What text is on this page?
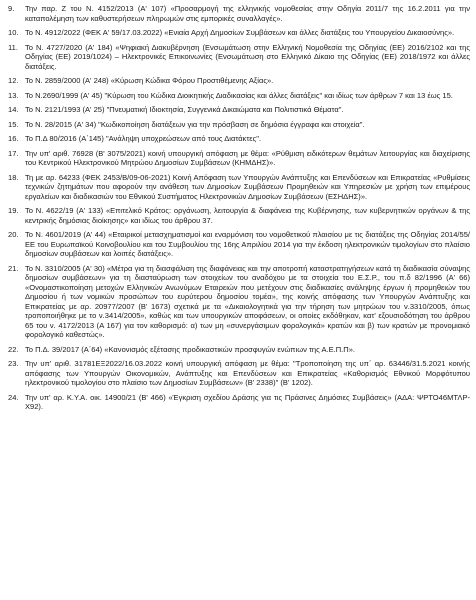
9.	Την παρ. Ζ του Ν. 4152/2013 (Α' 107) «Προσαρμογή της ελληνικής νομοθεσίας στην Οδηγία 2011/7 της 16.2.2011 για την καταπολέμηση των καθυστερήσεων πληρωμών στις εμπορικές συναλλαγές».
10. Το Ν. 4912/2022 (ΦΕΚ Α' 59/17.03.2022) «Ενιαία Αρχή Δημοσίων Συμβάσεων και άλλες διατάξεις του Υπουργείου Δικαιοσύνης».
11. Το Ν. 4727/2020 (Α' 184) «Ψηφιακή Διακυβέρνηση (Ενσωμάτωση στην Ελληνική Νομοθεσία της Οδηγίας (ΕΕ) 2016/2102 και της Οδηγίας (ΕΕ) 2019/1024) – Ηλεκτρονικές Επικοινωνίες (Ενσωμάτωση στο Ελληνικό Δίκαιο της Οδηγίας (ΕΕ) 2018/1972 και άλλες διατάξεις.
12. Το Ν. 2859/2000 (Α' 248) «Κύρωση Κώδικα Φόρου Προστιθέμενης Αξίας».
13. Το Ν.2690/1999 (Α' 45) "Κύρωση του Κώδικα Διοικητικής Διαδικασίας και άλλες διατάξεις" και ιδίως των άρθρων 7 και 13 έως 15.
14. Το Ν. 2121/1993 (Α' 25) "Πνευματική Ιδιοκτησία, Συγγενικά Δικαιώματα και Πολιτιστικά Θέματα".
15. Το Ν. 28/2015 (Α' 34) "Κωδικοποίηση διατάξεων για την πρόσβαση σε δημόσια έγγραφα και στοιχεία".
16. Το Π.Δ 80/2016 (Α΄145) "Ανάληψη υποχρεώσεων από τους Διατάκτες".
17. Την υπ' αριθ. 76928 (Β' 3075/2021) κοινή υπουργική απόφαση με θέμα: «Ρύθμιση ειδικότερων θεμάτων λειτουργίας και διαχείρισης του Κεντρικού Ηλεκτρονικού Μητρώου Δημοσίων Συμβάσεων (ΚΗΜΔΗΣ)».
18. Τη με αρ. 64233 (ΦΕΚ 2453/Β/09-06-2021) Κοινή Απόφαση των Υπουργών Ανάπτυξης και Επενδύσεων και Επικρατείας «Ρυθμίσεις τεχνικών ζητημάτων που αφορούν την ανάθεση των Δημοσίων Συμβάσεων Προμηθειών και Υπηρεσιών με χρήση των επιμέρους εργαλείων και διαδικασιών του Εθνικού Συστήματος Ηλεκτρονικών Δημοσίων Συμβάσεων (ΕΣΗΔΗΣ)».
19. Το Ν. 4622/19 (Α' 133) «Επιτελικό Κράτος: οργάνωση, λειτουργία & διαφάνεια της Κυβέρνησης, των κυβερνητικών οργάνων & της κεντρικής δημόσιας διοίκησης» και ιδίως του άρθρου 37.
20. Το Ν. 4601/2019 (Α' 44) «Εταιρικοί μετασχηματισμοί και εναρμόνιση του νομοθετικού πλαισίου με τις διατάξεις της Οδηγίας 2014/55/ΕΕ του Ευρωπαϊκού Κοινοβουλίου και του Συμβουλίου της 16ης Απριλίου 2014 για την έκδοση ηλεκτρονικών τιμολογίων στο πλαίσιο δημοσίων συμβάσεων και λοιπές διατάξεις».
21. Το Ν. 3310/2005 (Α' 30) «Μέτρα για τη διασφάλιση της διαφάνειας και την αποτροπή καταστρατηγήσεων κατά τη διαδικασία σύναψης δημοσίων συμβάσεων» για τη διασταύρωση των στοιχείων του αναδόχου με τα στοιχεία του Ε.Σ.Ρ., του π.δ 82/1996 (Α' 66) «Ονομαστικοποίηση μετοχών Ελληνικών Ανωνύμων Εταιρειών που μετέχουν στις διαδικασίες ανάληψης έργων ή προμηθειών του Δημοσίου ή των νομικών προσώπων του ευρύτερου δημοσίου τομέα», της κοινής απόφασης των Υπουργών Ανάπτυξης και Επικρατείας με αρ. 20977/2007 (Β' 1673) σχετικά με τα «Δικαιολογητικά για την τήρηση των μητρώων του ν.3310/2005, όπως τροποποιήθηκε με το ν.3414/2005», καθώς και των υπουργικών αποφάσεων, οι οποίες εκδόθηκαν, κατ' εξουσιοδότηση του άρθρου 65 του ν. 4172/2013 (Α 167) για τον καθορισμό: α) των μη «συνεργάσιμων φορολογικά» κρατών και β) των κρατών με προνομιακό φορολογικό καθεστώς».
22. Το Π.Δ. 39/2017 (Α΄64) «Κανονισμός εξέτασης προδικαστικών προσφυγών ενώπιων της Α.Ε.Π.Π».
23. Την υπ' αριθ. 31781ΕΞ2022/16.03.2022 κοινή υπουργική απόφαση με θέμα: "Τροποποίηση της υπ΄ αρ. 63446/31.5.2021 κοινής απόφασης των Υπουργών Οικονομικών, Ανάπτυξης και Επενδύσεων και Επικρατείας «Καθορισμός Εθνικού Μορφότυπου ηλεκτρονικού τιμολογίου στο πλαίσιο των Δημοσίων Συμβάσεων» (Β' 2338)" (Β' 1202).
24. Την υπ' αρ. Κ.Υ.Α. οικ. 14900/21 (Β' 466) «Έγκριση σχεδίου Δράσης για τις Πράσινες Δημόσιες Συμβάσεις» (ΑΔΑ: ΨΡΤΟ46ΜΤΛΡ-Χ92).
